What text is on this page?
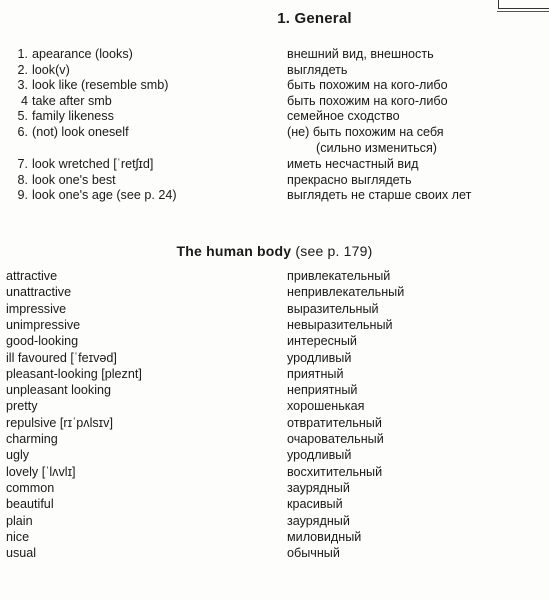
1. General
1. apearance (looks)	внешний вид, внешность
2. look(v)	выглядеть
3. look like (resemble smb)	быть похожим на кого-либо
4 take after smb	быть похожим на кого-либо
5. family likeness	семейное сходство
6. (not) look oneself	(не) быть похожим на себя
(сильно измениться)
7. look wretched [ˈretʃɪd]	иметь несчастный вид
8. look one's best	прекрасно выглядеть
9. look one's age (see p. 24)	выглядеть не старше своих лет
The human body (see p. 179)
attractive	привлекательный
unattractive	непривлекательный
impressive	выразительный
unimpressive	невыразительный
good-looking	интересный
ill favoured [ˈfeɪvəd]	уродливый
pleasant-looking [pleznt]	приятный
unpleasant looking	неприятный
pretty	хорошенькая
repulsive [rɪˈpʌlsɪv]	отвратительный
charming	очаровательный
ugly	уродливый
lovely [ˈlʌvlɪ]	восхитительный
common	заурядный
beautiful	красивый
plain	заурядный
nice	миловидный
usual	обычный
